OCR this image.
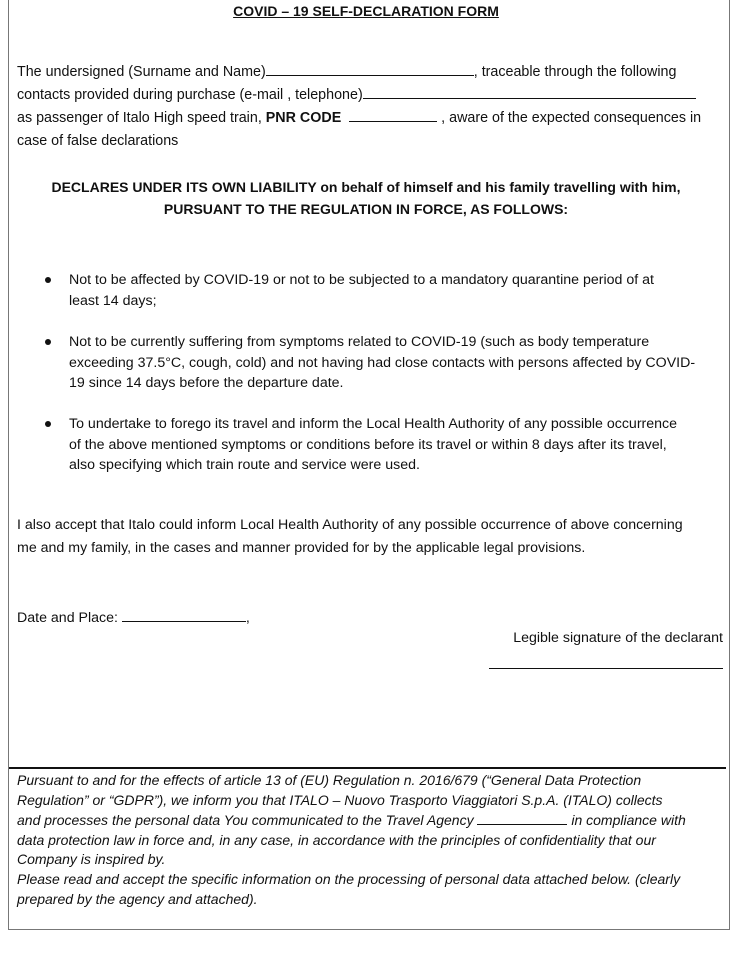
COVID – 19 SELF-DECLARATION FORM
The undersigned (Surname and Name)	, traceable through the following
contacts provided during purchase (e-mail , telephone)
as passenger of Italo High speed train, PNR CODE	, aware of the expected consequences in
case of false declarations
DECLARES UNDER ITS OWN LIABILITY on behalf of himself and his family travelling with him,
PURSUANT TO THE REGULATION IN FORCE, AS FOLLOWS:
Not to be affected by COVID-19 or not to be subjected to a mandatory quarantine period of at
least 14 days;
Not to be currently suffering from symptoms related to COVID-19 (such as body temperature
exceeding 37.5°C, cough, cold) and not having had close contacts with persons affected by COVID-
19 since 14 days before the departure date.
To undertake to forego its travel and inform the Local Health Authority of any possible occurrence
of the above mentioned symptoms or conditions before its travel or within 8 days after its travel,
also specifying which train route and service were used.
I also accept that Italo could inform Local Health Authority of any possible occurrence of above concerning
me and my family, in the cases and manner provided for by the applicable legal provisions.
Date and Place:	,
Legible signature of the declarant
Pursuant to and for the effects of article 13 of (EU) Regulation n. 2016/679 (“General Data Protection
Regulation” or “GDPR”), we inform you that ITALO – Nuovo Trasporto Viaggiatori S.p.A. (ITALO) collects
and processes the personal data You communicated to the Travel Agency	in compliance with
data protection law in force and, in any case, in accordance with the principles of confidentiality that our
Company is inspired by.
Please read and accept the specific information on the processing of personal data attached below. (clearly
prepared by the agency and attached).
